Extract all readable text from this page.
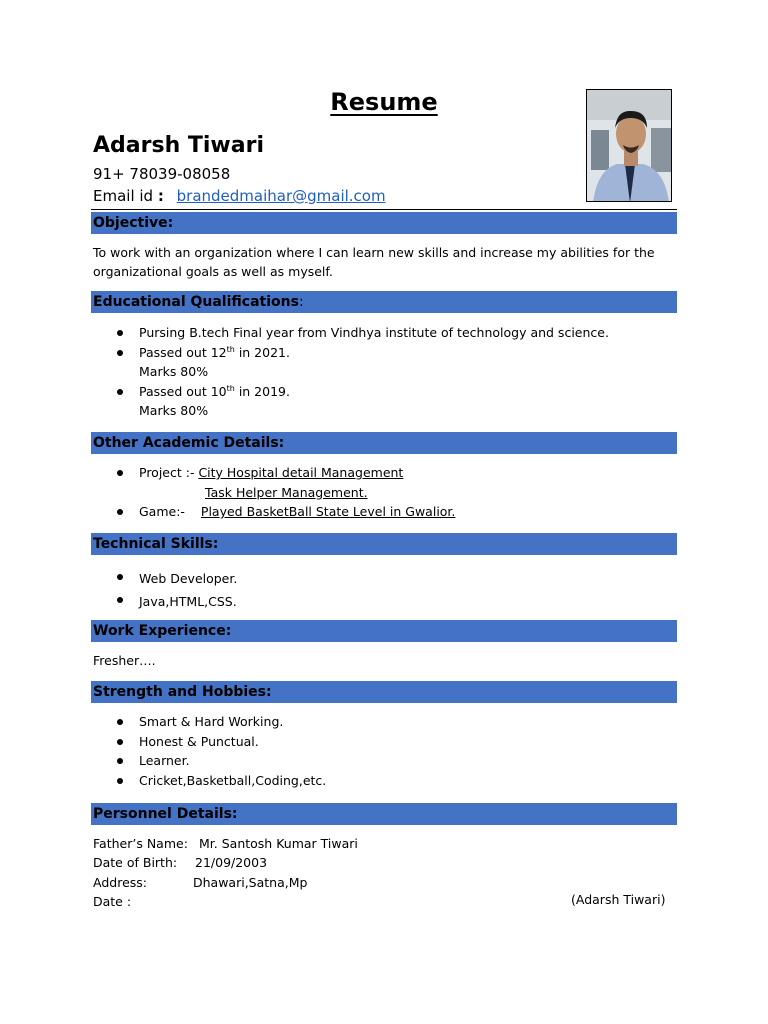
Resume
Adarsh Tiwari
91+ 78039-08058
Email id : brandedmaihar@gmail.com
Objective:
To work with an organization where I can learn new skills and increase my abilities for the organizational goals as well as myself.
Educational Qualifications:
Pursing B.tech Final year from Vindhya institute of technology and science.
Passed out 12th in 2021.
Marks 80%
Passed out 10th in 2019.
Marks 80%
Other Academic Details:
Project :- City Hospital detail Management
Task Helper Management.
Game:- Played BasketBall State Level in Gwalior.
Technical Skills:
Web Developer.
Java,HTML,CSS.
Work Experience:
Fresher….
Strength and Hobbies:
Smart & Hard Working.
Honest & Punctual.
Learner.
Cricket,Basketball,Coding,etc.
Personnel Details:
Father’s Name: Mr. Santosh Kumar Tiwari
Date of Birth: 21/09/2003
Address:	Dhawari,Satna,Mp
Date :	(Adarsh Tiwari)
